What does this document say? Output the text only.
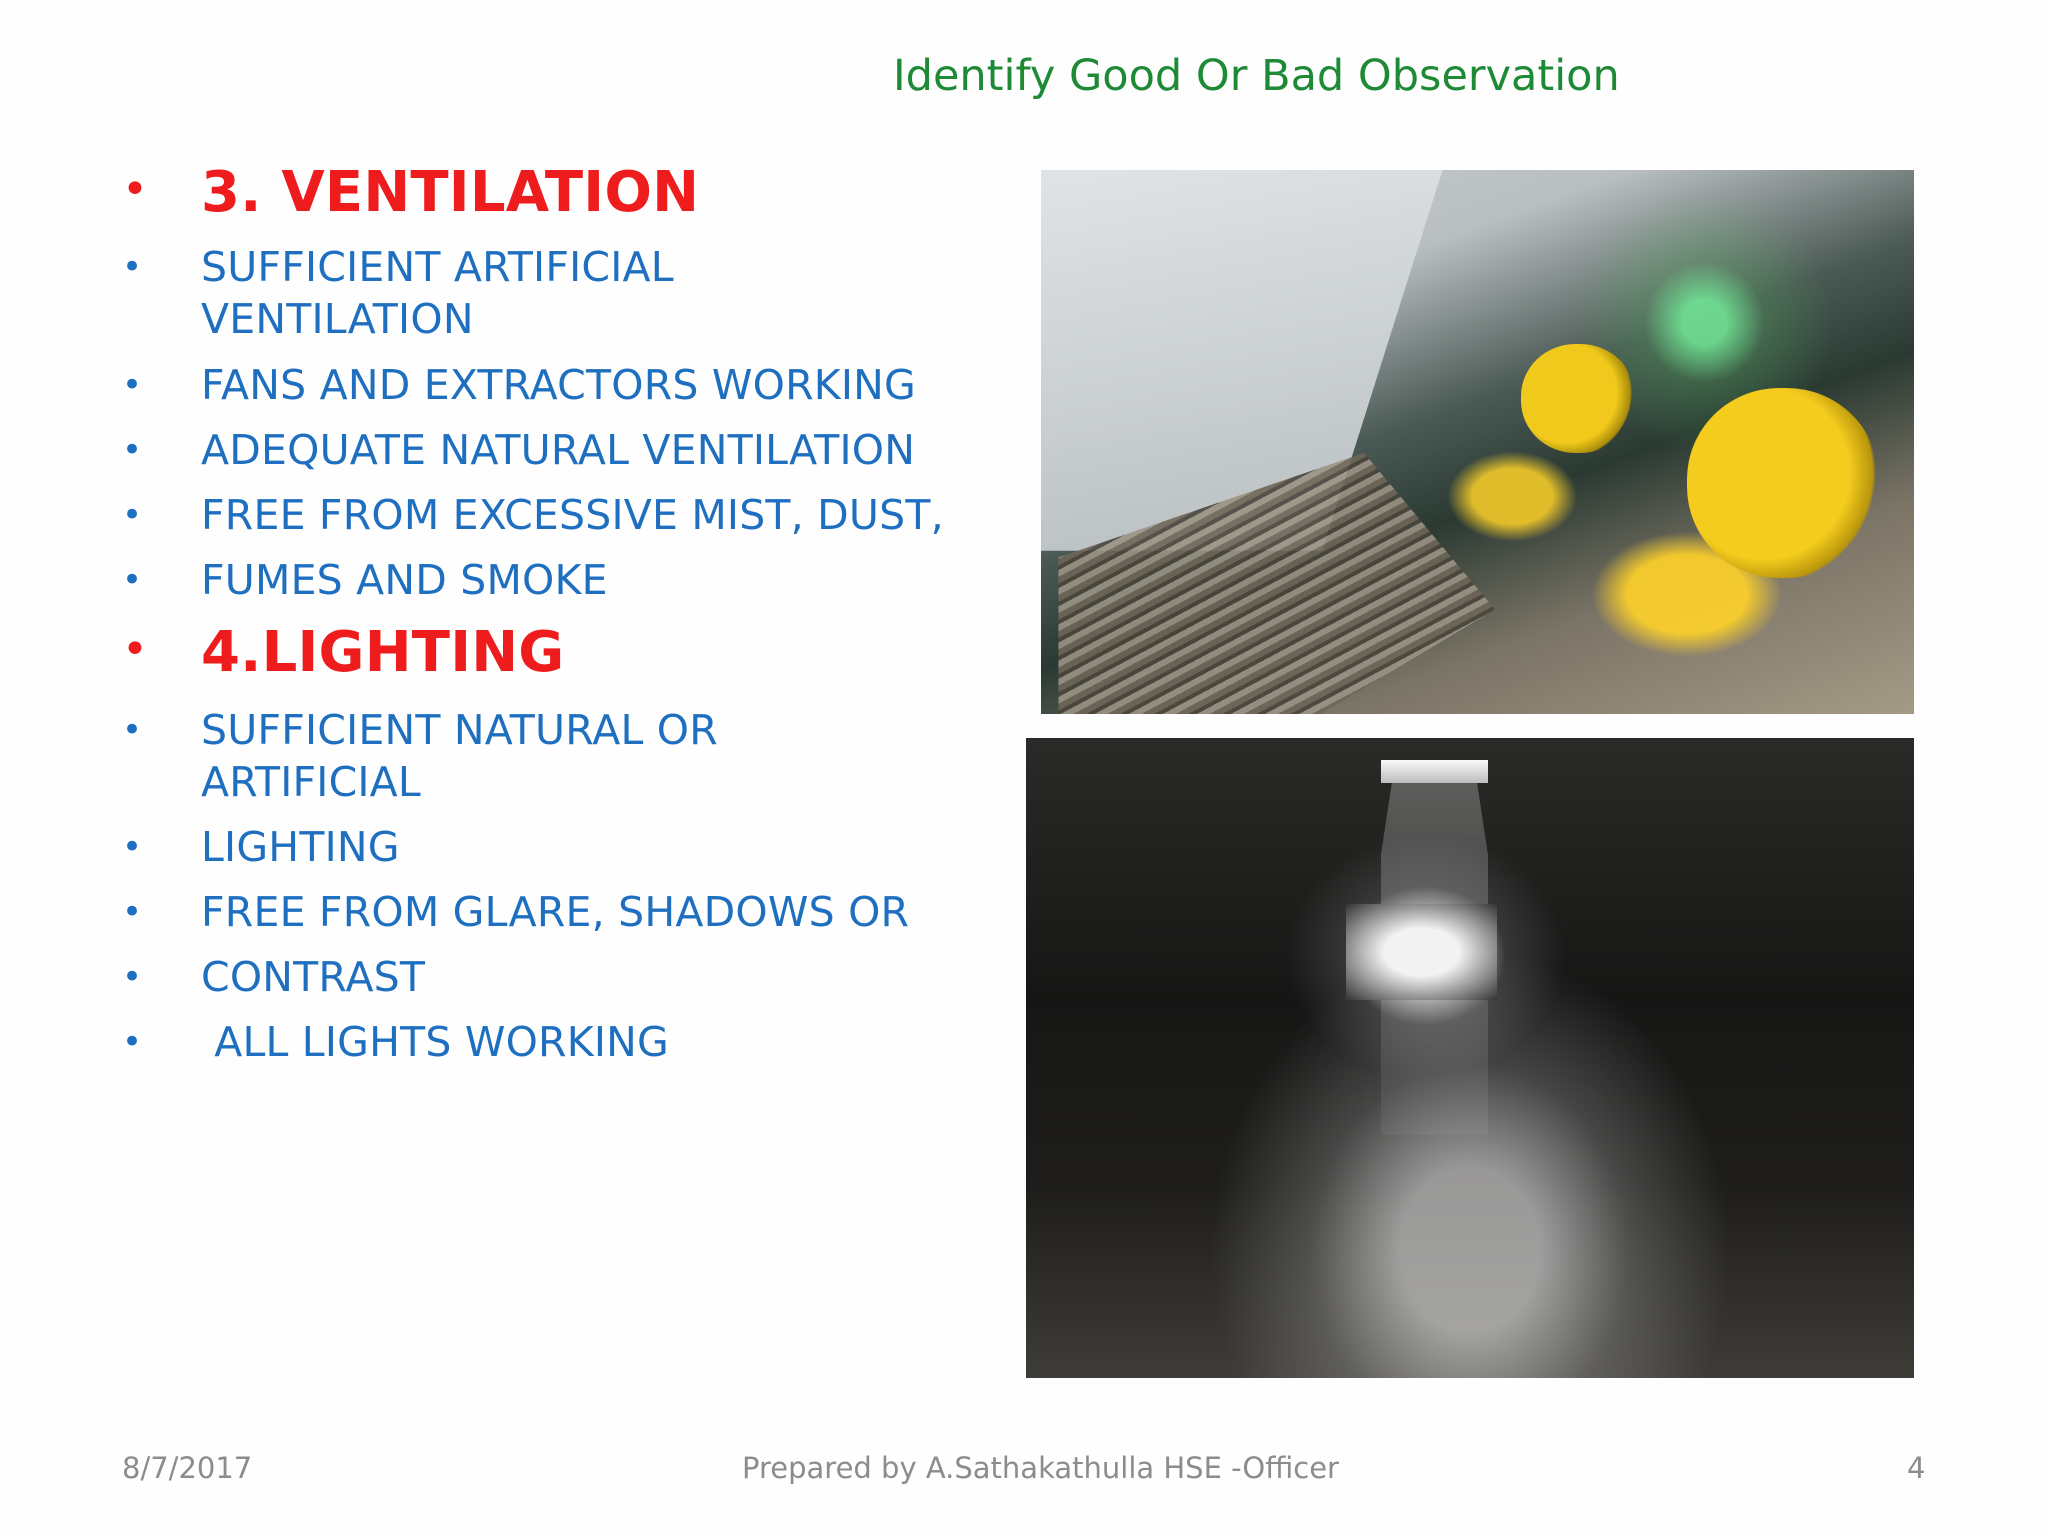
Identify Good Or Bad Observation
• 3. VENTILATION
• SUFFICIENT ARTIFICIAL
VENTILATION
• FANS AND EXTRACTORS WORKING
• ADEQUATE NATURAL VENTILATION
• FREE FROM EXCESSIVE MIST, DUST,
• FUMES AND SMOKE
• 4.LIGHTING
• SUFFICIENT NATURAL OR
ARTIFICIAL
• LIGHTING
• FREE FROM GLARE, SHADOWS OR
• CONTRAST
• ALL LIGHTS WORKING
8/7/2017	Prepared by A.Sathakathulla HSE -Officer	4
